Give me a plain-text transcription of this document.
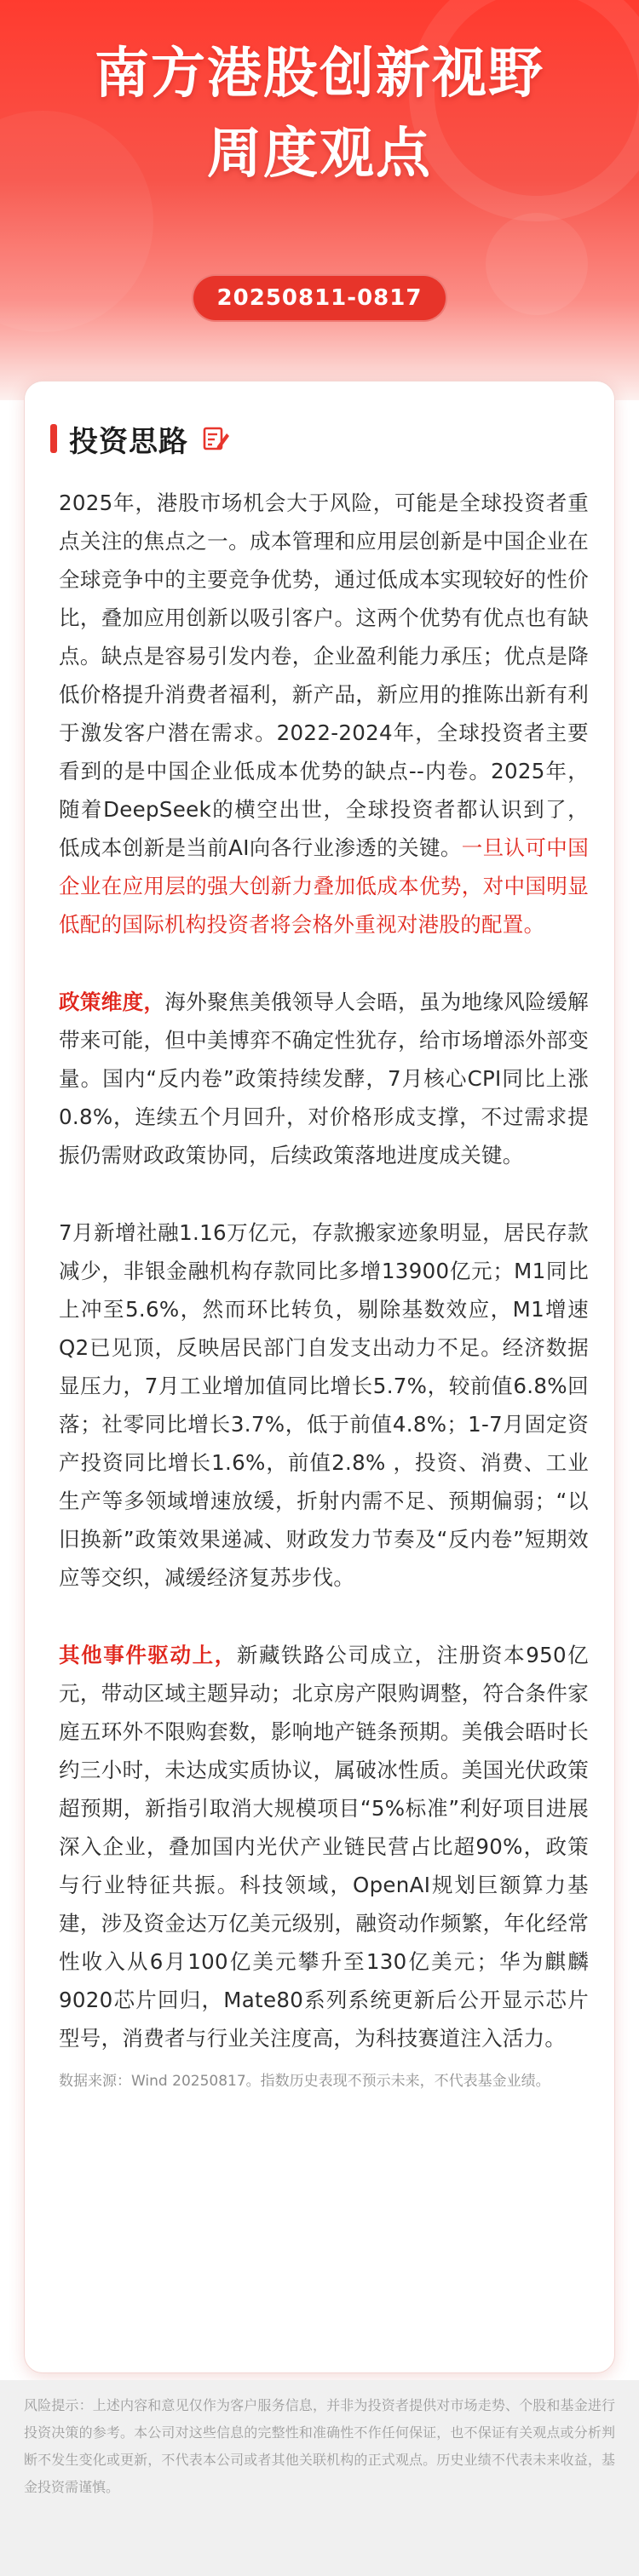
南方港股创新视野
周度观点
20250811-0817
投资思路

2025年，港股市场机会大于风险，可能是全球投资者重点关注的焦点之一。成本管理和应用层创新是中国企业在全球竞争中的主要竞争优势，通过低成本实现较好的性价比，叠加应用创新以吸引客户。这两个优势有优点也有缺点。缺点是容易引发内卷，企业盈利能力承压；优点是降低价格提升消费者福利，新产品，新应用的推陈出新有利于激发客户潜在需求。2022-2024年，全球投资者主要看到的是中国企业低成本优势的缺点--内卷。2025年，随着DeepSeek的横空出世，全球投资者都认识到了，低成本创新是当前AI向各行业渗透的关键。一旦认可中国企业在应用层的强大创新力叠加低成本优势，对中国明显低配的国际机构投资者将会格外重视对港股的配置。

政策维度，海外聚焦美俄领导人会晤，虽为地缘风险缓解带来可能，但中美博弈不确定性犹存，给市场增添外部变量。国内“反内卷”政策持续发酵，7月核心CPI同比上涨0.8%，连续五个月回升，对价格形成支撑，不过需求提振仍需财政政策协同，后续政策落地进度成关键。

7月新增社融1.16万亿元，存款搬家迹象明显，居民存款减少，非银金融机构存款同比多增13900亿元；M1同比上冲至5.6%，然而环比转负，剔除基数效应，M1增速Q2已见顶，反映居民部门自发支出动力不足。经济数据显压力，7月工业增加值同比增长5.7%，较前值6.8%回落；社零同比增长3.7%，低于前值4.8%；1-7月固定资产投资同比增长1.6%，前值2.8% ，投资、消费、工业生产等多领域增速放缓，折射内需不足、预期偏弱；“以旧换新”政策效果递减、财政发力节奏及“反内卷”短期效应等交织，减缓经济复苏步伐。

其他事件驱动上，新藏铁路公司成立，注册资本950亿元，带动区域主题异动；北京房产限购调整，符合条件家庭五环外不限购套数，影响地产链条预期。美俄会晤时长约三小时，未达成实质协议，属破冰性质。美国光伏政策超预期，新指引取消大规模项目“5%标准”利好项目进展深入企业，叠加国内光伏产业链民营占比超90%，政策与行业特征共振。科技领域，OpenAI规划巨额算力基建，涉及资金达万亿美元级别，融资动作频繁，年化经常性收入从6月100亿美元攀升至130亿美元；华为麒麟9020芯片回归，Mate80系列系统更新后公开显示芯片型号，消费者与行业关注度高，为科技赛道注入活力。

数据来源：Wind 20250817。指数历史表现不预示未来，不代表基金业绩。

风险提示：上述内容和意见仅作为客户服务信息，并非为投资者提供对市场走势、个股和基金进行投资决策的参考。本公司对这些信息的完整性和准确性不作任何保证，也不保证有关观点或分析判断不发生变化或更新，不代表本公司或者其他关联机构的正式观点。历史业绩不代表未来收益，基金投资需谨慎。
